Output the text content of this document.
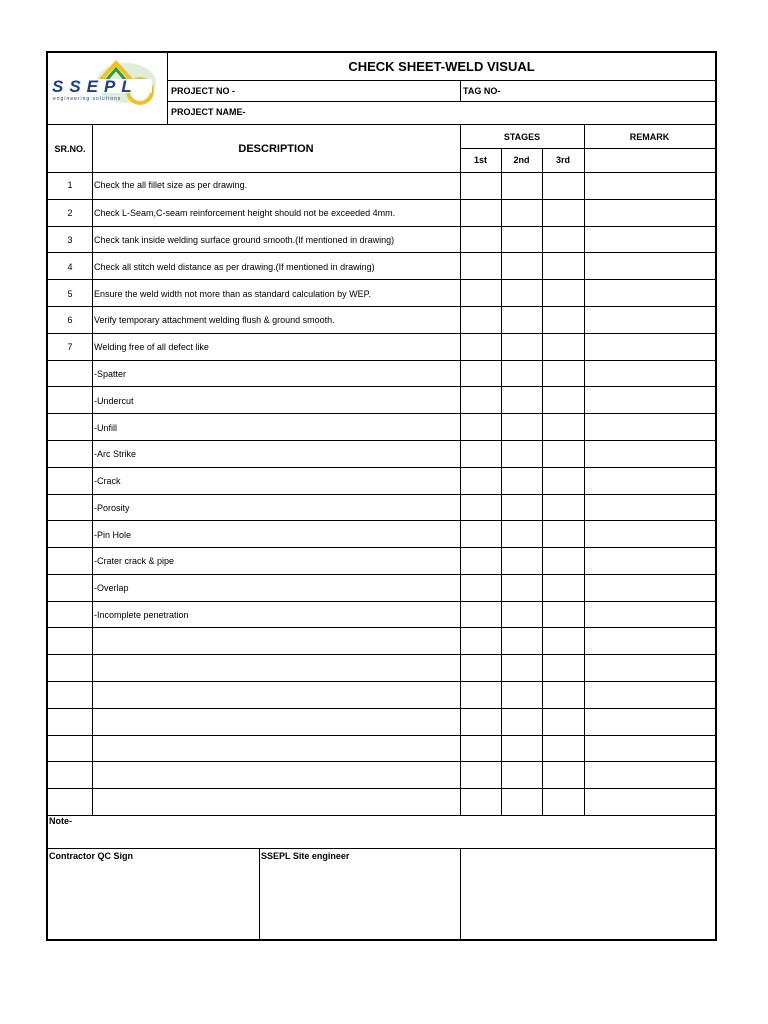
SSEPL
engineering solutions
CHECK SHEET-WELD VISUAL
PROJECT NO -	TAG NO-
PROJECT NAME-
SR.NO.	DESCRIPTION
STAGES	REMARK
1st	2nd	3rd
1	Check the all fillet size as per drawing.
2	Check L-Seam,C-seam reinforcement height should not be exceeded 4mm.
3	Check tank inside welding surface ground smooth.(If mentioned in drawing)
4	Check all stitch weld distance as per drawing.(If mentioned in drawing)
5	Ensure the weld width not more than as standard calculation by WEP.
6	Verify temporary attachment welding flush & ground smooth.
7	Welding free of all defect like
-Spatter
-Undercut
-Unfill
-Arc Strike
-Crack
-Porosity
-Pin Hole
-Crater crack & pipe
-Overlap
-Incomplete penetration
Note-
Contractor QC Sign	SSEPL Site engineer
